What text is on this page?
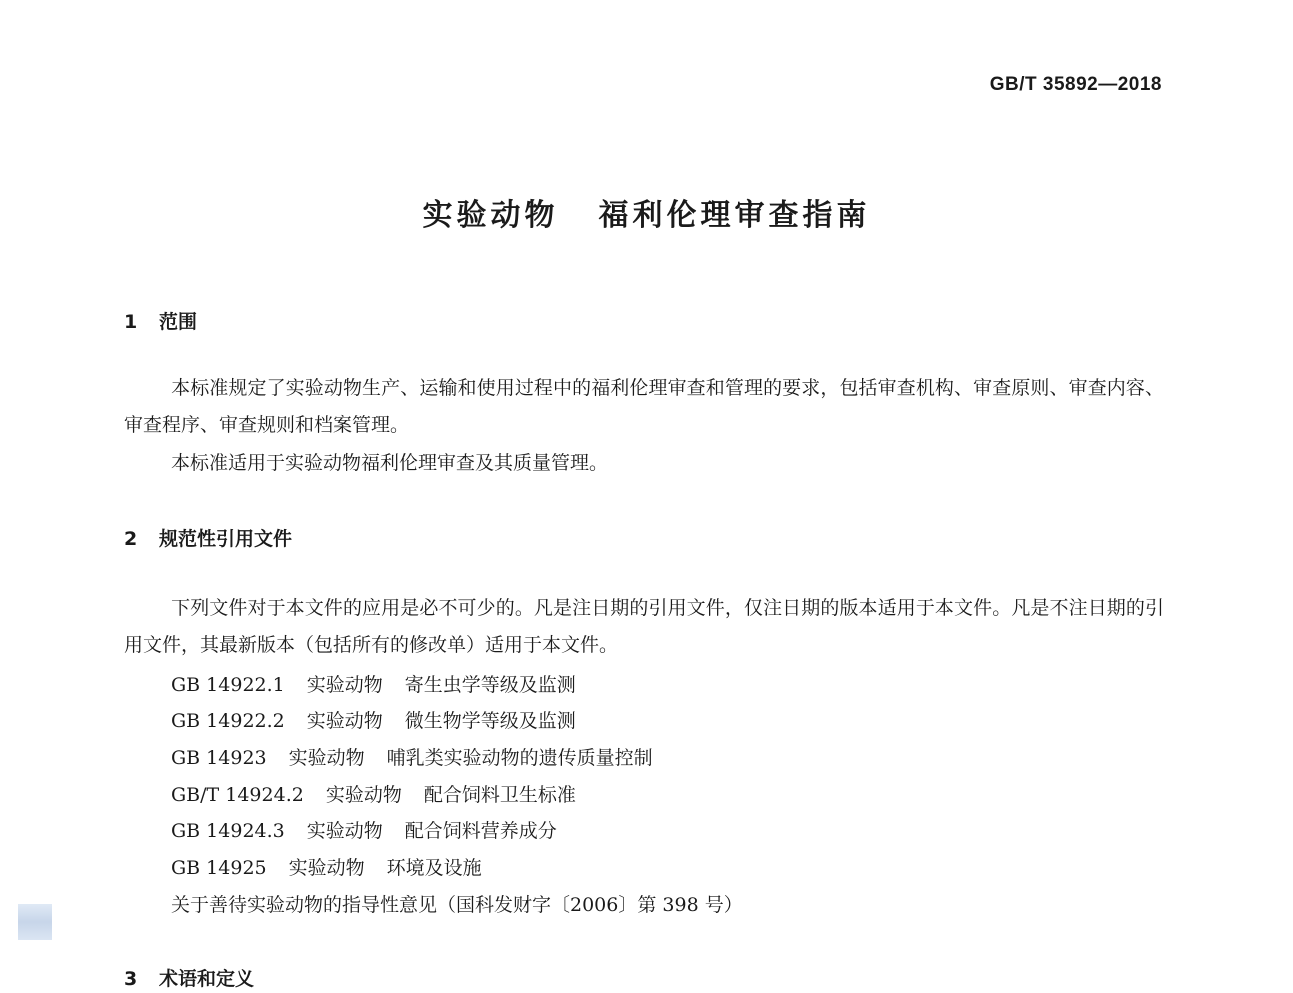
GB/T 35892—2018
实验动物 福利伦理审查指南
1 范围
本标准规定了实验动物生产、运输和使用过程中的福利伦理审查和管理的要求，包括审查机构、审查原则、审查内容、审查程序、审查规则和档案管理。
本标准适用于实验动物福利伦理审查及其质量管理。
2 规范性引用文件
下列文件对于本文件的应用是必不可少的。凡是注日期的引用文件，仅注日期的版本适用于本文件。凡是不注日期的引用文件，其最新版本（包括所有的修改单）适用于本文件。
GB 14922.1 实验动物 寄生虫学等级及监测
GB 14922.2 实验动物 微生物学等级及监测
GB 14923 实验动物 哺乳类实验动物的遗传质量控制
GB/T 14924.2 实验动物 配合饲料卫生标准
GB 14924.3 实验动物 配合饲料营养成分
GB 14925 实验动物 环境及设施
关于善待实验动物的指导性意见（国科发财字〔2006〕第 398 号）
3 术语和定义
